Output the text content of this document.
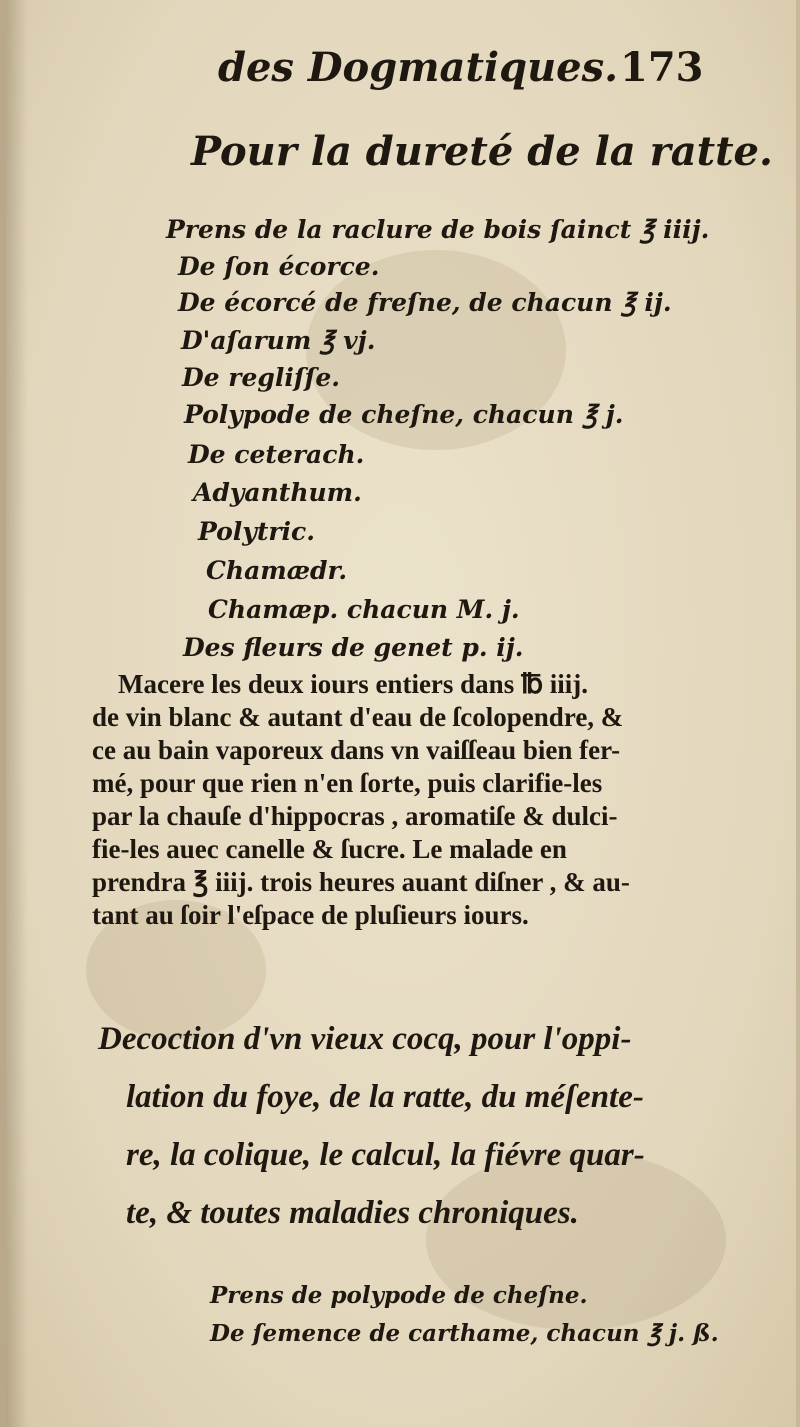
des Dogmatiques. 173
Pour la dureté de la ratte.
Prens de la raclure de bois ſainct ℥ iiij.
De ſon écorce.
De écorcé de freſne, de chacun ℥ ij.
D'aſarum ℥ vj.
De regliſſe.
Polypode de cheſne, chacun ℥ j.
De ceterach.
Adyanthum.
Polytric.
Chamædr.
Chamæp. chacun M. j.
Des fleurs de genet p. ij.
Macere les deux iours entiers dans ℔ iiij.
de vin blanc & autant d'eau de ſcolopendre, &
ce au bain vaporeux dans vn vaiſſeau bien fer-
mé, pour que rien n'en ſorte, puis clarifie-les
par la chauſe d'hippocras , aromatiſe & dulci-
fie-les auec canelle & ſucre. Le malade en
prendra ℥ iiij. trois heures auant diſner , & au-
tant au ſoir l'eſpace de pluſieurs iours.
Decoction d'vn vieux cocq, pour l'oppi-
lation du foye, de la ratte, du méſente-
re, la colique, le calcul, la fiévre quar-
te, & toutes maladies chroniques.
Prens de polypode de cheſne.
De ſemence de carthame, chacun ℥ j. ß.
